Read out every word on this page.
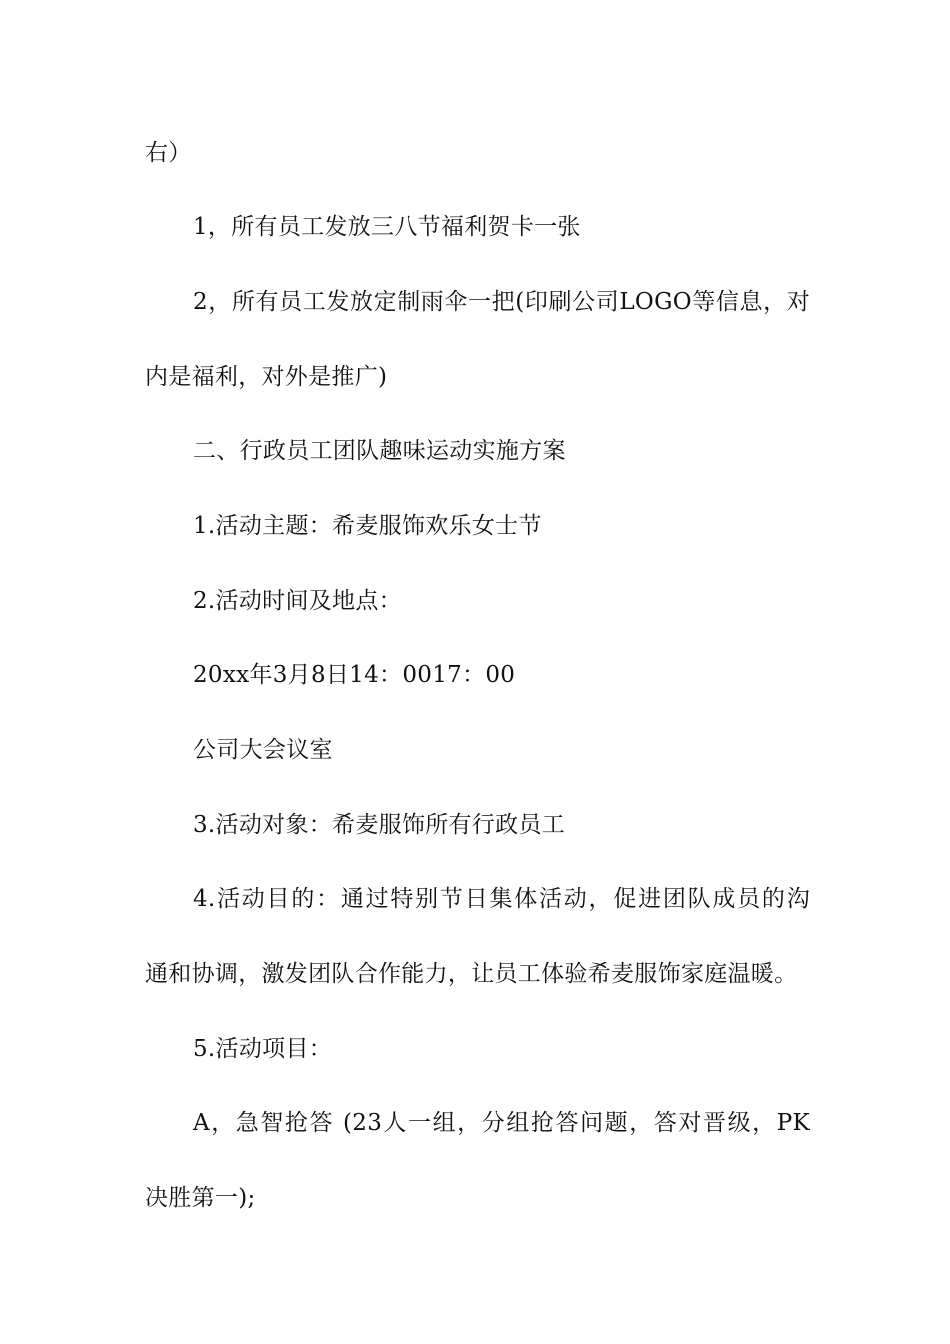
右）
1，所有员工发放三八节福利贺卡一张
2，所有员工发放定制雨伞一把(印刷公司LOGO等信息，对
内是福利，对外是推广)
二、行政员工团队趣味运动实施方案
1.活动主题：希麦服饰欢乐女士节
2.活动时间及地点：
20xx年3月8日14：0017：00
公司大会议室
3.活动对象：希麦服饰所有行政员工
4.活动目的：通过特别节日集体活动，促进团队成员的沟
通和协调，激发团队合作能力，让员工体验希麦服饰家庭温暖。
5.活动项目：
A，急智抢答 (23人一组，分组抢答问题，答对晋级，PK
决胜第一);
